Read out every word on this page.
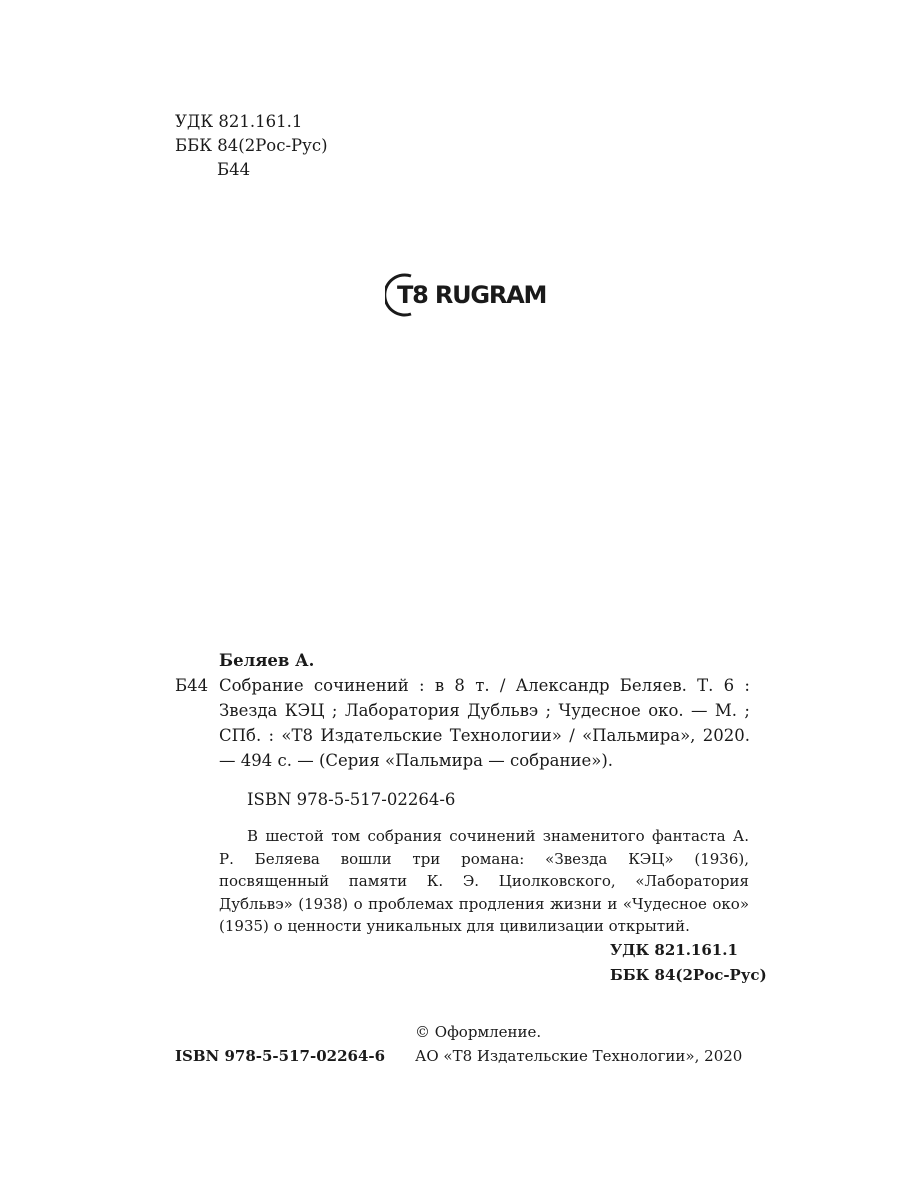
УДК 821.161.1
ББК 84(2Рос-Рус)
Б44
T8 RUGRAM
Беляев А.
Б44 Собрание сочинений : в 8 т. / Александр Беляев. Т. 6 : Звезда КЭЦ ; Лаборатория Дубльвэ ; Чудесное око. — М. ; СПб. : «Т8 Издательские Технологии» / «Пальмира», 2020. — 494 с. — (Серия «Пальмира — собрание»).
ISBN 978-5-517-02264-6
В шестой том собрания сочинений знаменитого фантаста А. Р. Беляева вошли три романа: «Звезда КЭЦ» (1936), посвященный памяти К. Э. Циолковского, «Лаборатория Дубльвэ» (1938) о проблемах продления жизни и «Чудесное око» (1935) о ценности уникальных для цивилизации открытий.
УДК 821.161.1
ББК 84(2Рос-Рус)
© Оформление.
АО «Т8 Издательские Технологии», 2020
ISBN 978-5-517-02264-6
